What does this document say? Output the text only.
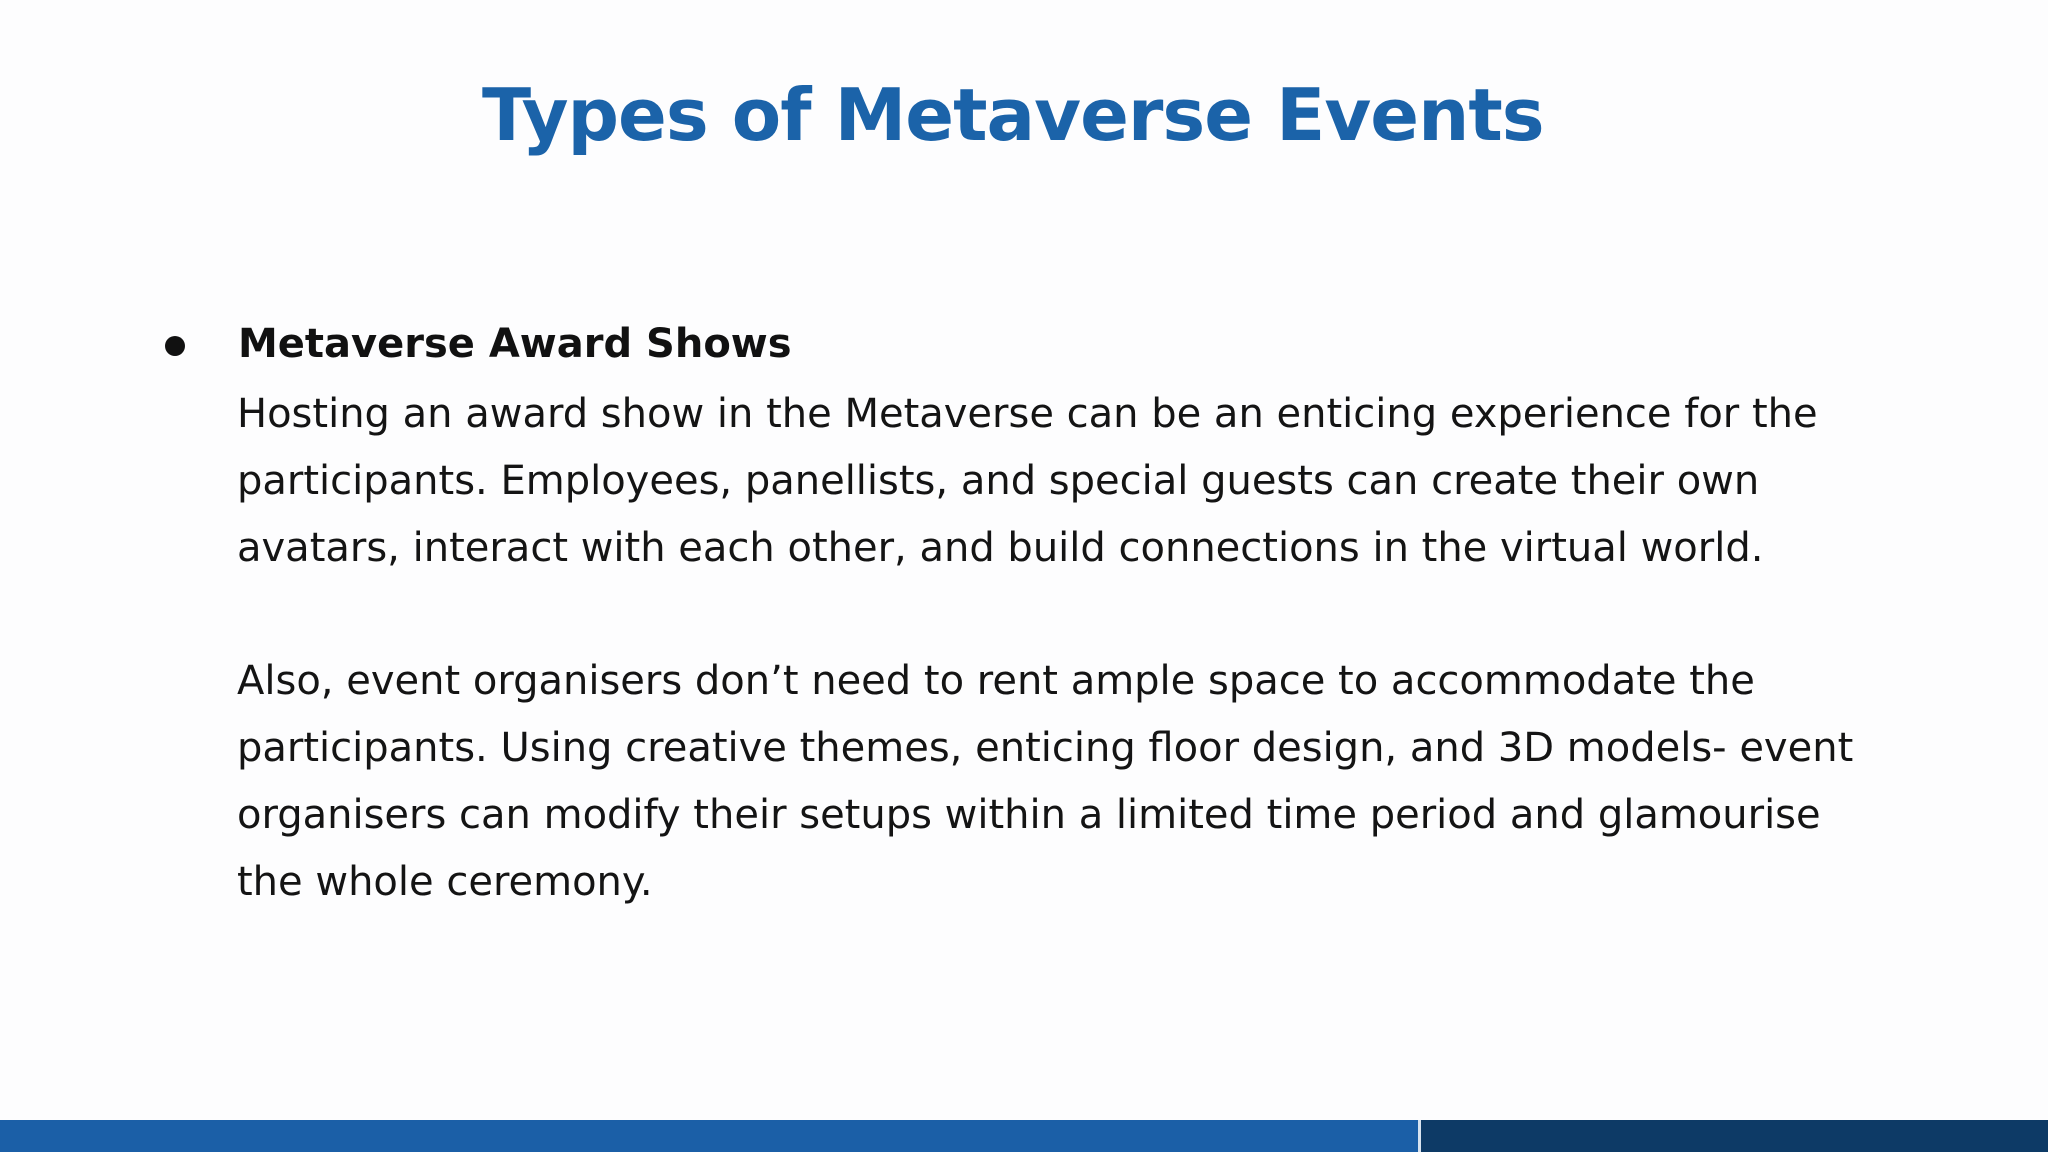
Types of Metaverse Events
Metaverse Award Shows

Hosting an award show in the Metaverse can be an enticing experience for the
participants. Employees, panellists, and special guests can create their own
avatars, interact with each other, and build connections in the virtual world.

Also, event organisers don’t need to rent ample space to accommodate the
participants. Using creative themes, enticing floor design, and 3D models- event
organisers can modify their setups within a limited time period and glamourise
the whole ceremony.
